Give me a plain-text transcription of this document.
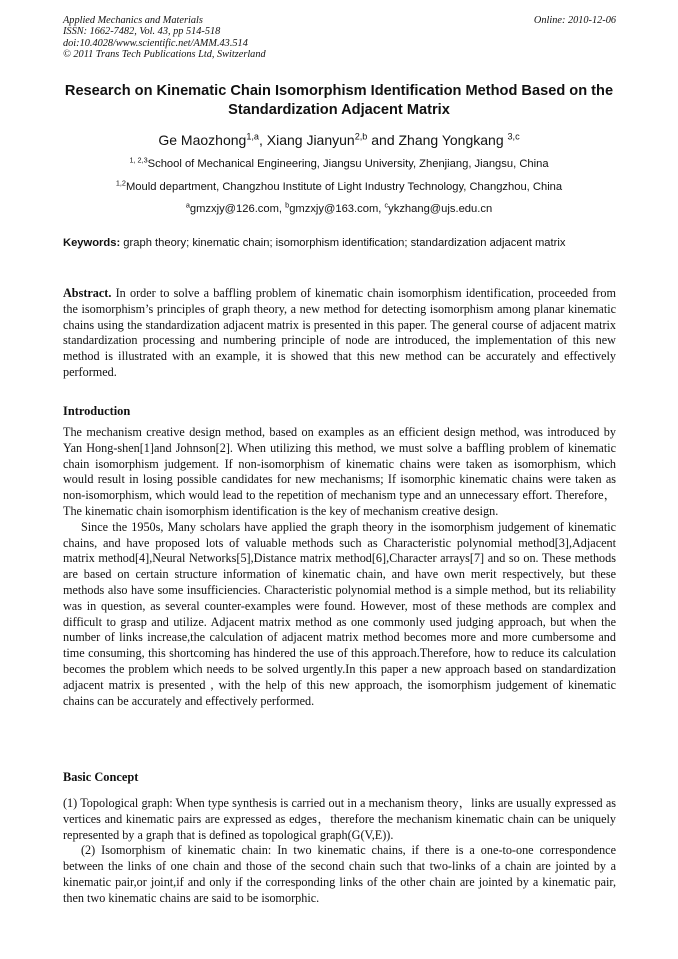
Applied Mechanics and Materials
ISSN: 1662-7482, Vol. 43, pp 514-518
doi:10.4028/www.scientific.net/AMM.43.514
© 2011 Trans Tech Publications Ltd, Switzerland
Online: 2010-12-06
Research on Kinematic Chain Isomorphism Identification Method Based on the Standardization Adjacent Matrix
Ge Maozhong$^{1,a}$, Xiang Jianyun$^{2,b}$ and Zhang Yongkang $^{3,c}$
$^{1, 2,3}$School of Mechanical Engineering, Jiangsu University, Zhenjiang, Jiangsu, China
$^{1,2}$Mould department, Changzhou Institute of Light Industry Technology, Changzhou, China
$^a$gmzxjy@126.com, $^b$gmzxjy@163.com, $^c$ykzhang@ujs.edu.cn
Keywords: graph theory; kinematic chain; isomorphism identification; standardization adjacent matrix

Abstract. In order to solve a baffling problem of kinematic chain isomorphism identification, proceeded from the isomorphism’s principles of graph theory, a new method for detecting isomorphism among planar kinematic chains using the standardization adjacent matrix is presented in this paper. The general course of adjacent matrix standardization processing and numbering principle of node are introduced, the implementation of this new method is illustrated with an example, it is showed that this new method can be accurately and effectively performed.

Introduction

The mechanism creative design method, based on examples as an efficient design method, was introduced by Yan Hong-shen[1]and Johnson[2]. When utilizing this method, we must solve a baffling problem of kinematic chain isomorphism judgement. If non-isomorphism of kinematic chains were taken as isomorphism, which would result in losing possible candidates for new mechanisms; If isomorphic kinematic chains were taken as non-isomorphism, which would lead to the repetition of mechanism type and an unnecessary effort. Therefore， The kinematic chain isomorphism identification is the key of mechanism creative design.

Since the 1950s, Many scholars have applied the graph theory in the isomorphism judgement of kinematic chains, and have proposed lots of valuable methods such as Characteristic polynomial method[3],Adjacent matrix method[4],Neural Networks[5],Distance matrix method[6],Character arrays[7] and so on. These methods are based on certain structure information of kinematic chain, and have own merit respectively, but these methods also have some insufficiencies. Characteristic polynomial method is a simple method, but its reliability was in question, as several counter-examples were found. However, most of these methods are complex and difficult to grasp and utilize. Adjacent matrix method as one commonly used judging approach, but when the number of links increase,the calculation of adjacent matrix method becomes more and more cumbersome and time consuming, this shortcoming has hindered the use of this approach.Therefore, how to reduce its calculation becomes the problem which needs to be solved urgently.In this paper a new approach based on standardization adjacent matrix is presented , with the help of this new approach, the isomorphism judgement of kinematic chains can be accurately and effectively performed.

Basic Concept

(1) Topological graph: When type synthesis is carried out in a mechanism theory，links are usually expressed as vertices and kinematic pairs are expressed as edges，therefore the mechanism kinematic chain can be uniquely represented by a graph that is defined as topological graph(G(V,E)).

(2) Isomorphism of kinematic chain: In two kinematic chains, if there is a one-to-one correspondence between the links of one chain and those of the second chain such that two-links of a chain are jointed by a kinematic pair,or joint,if and only if the corresponding links of the other chain are jointed by a kinematic pair, then two kinematic chains are said to be isomorphic.
